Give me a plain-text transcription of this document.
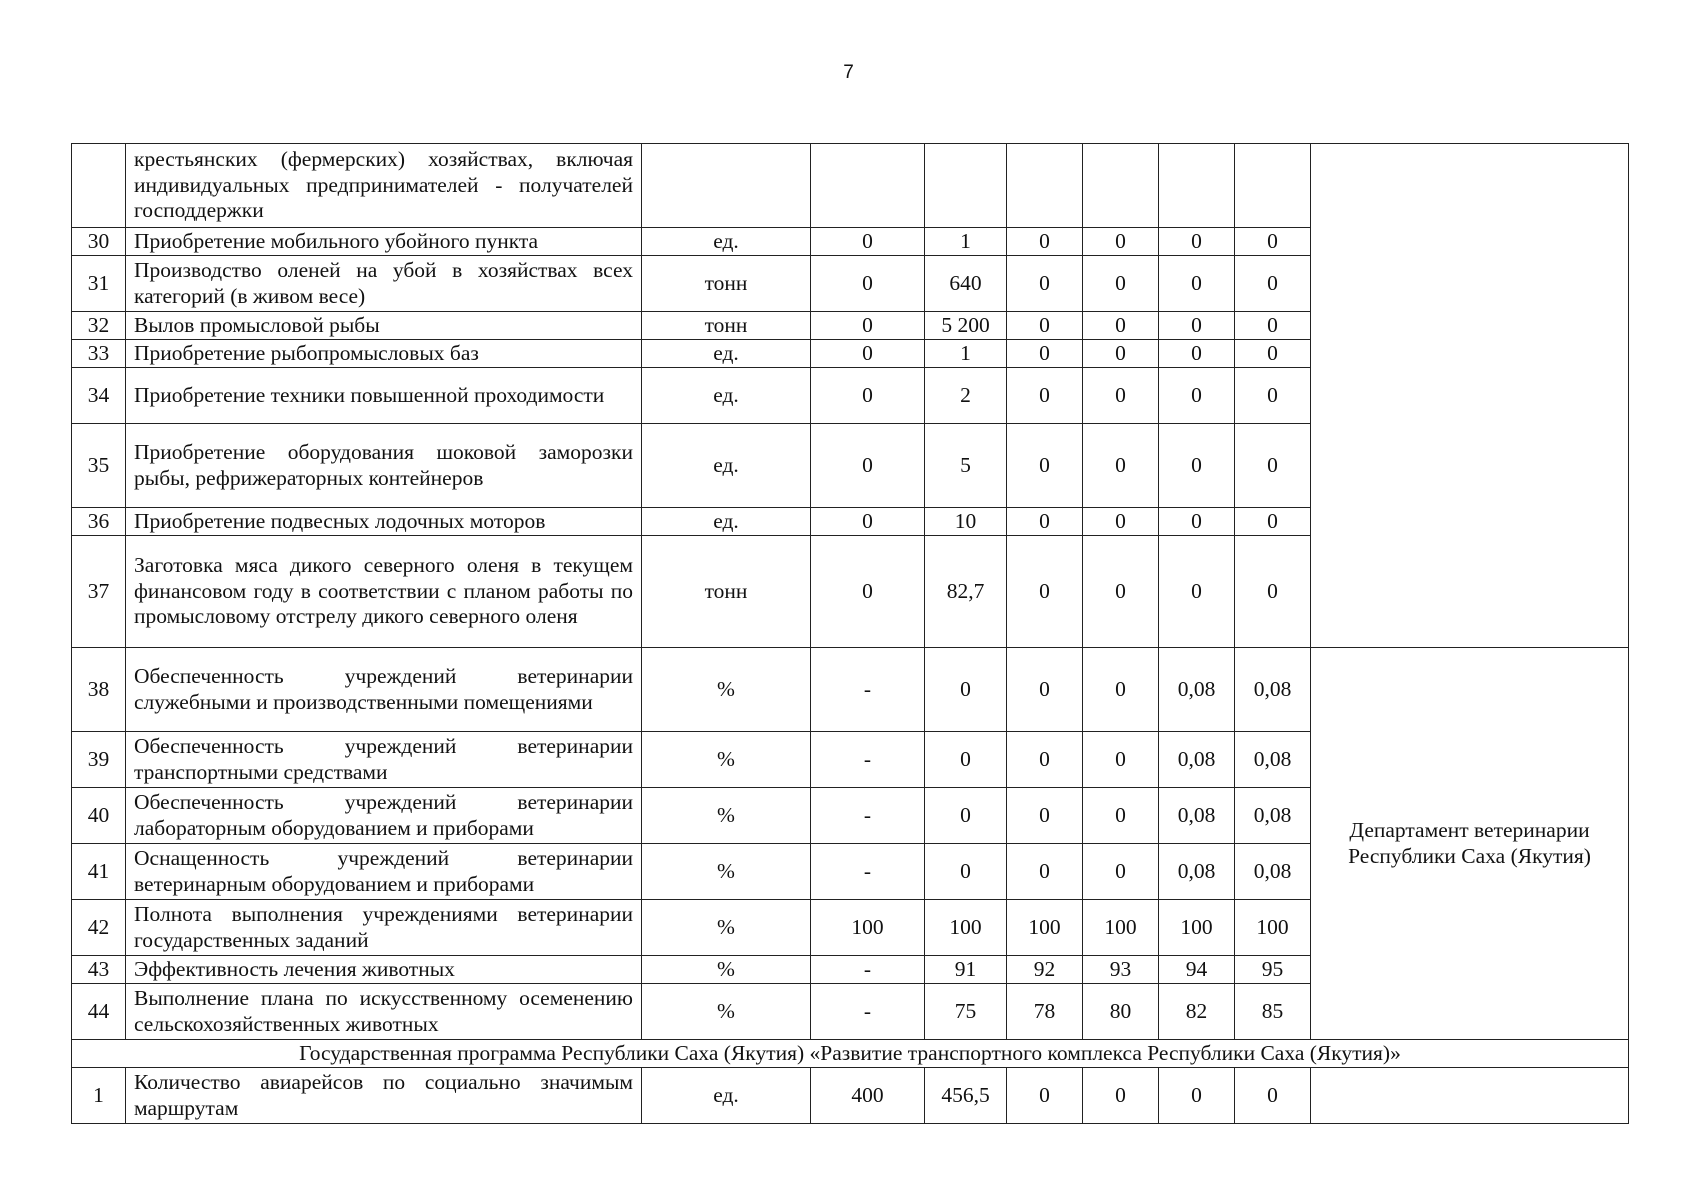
7
	крестьянских (фермерских) хозяйствах, включая индивидуальных предпринимателей - получателей господдержки								
30	Приобретение мобильного убойного пункта	ед.	0	1	0	0	0	0	
31	Производство оленей на убой в хозяйствах всех категорий (в живом весе)	тонн	0	640	0	0	0	0	
32	Вылов промысловой рыбы	тонн	0	5 200	0	0	0	0	
33	Приобретение рыбопромысловых баз	ед.	0	1	0	0	0	0	
34	Приобретение техники повышенной проходимости	ед.	0	2	0	0	0	0	
35	Приобретение оборудования шоковой заморозки рыбы, рефрижераторных контейнеров	ед.	0	5	0	0	0	0	
36	Приобретение подвесных лодочных моторов	ед.	0	10	0	0	0	0	
37	Заготовка мяса дикого северного оленя в текущем финансовом году в соответствии с планом работы по промысловому отстрелу дикого северного оленя	тонн	0	82,7	0	0	0	0	
38	Обеспеченность учреждений ветеринарии служебными и производственными помещениями	%	-	0	0	0	0,08	0,08	Департамент ветеринарии Республики Саха (Якутия)
39	Обеспеченность учреждений ветеринарии транспортными средствами	%	-	0	0	0	0,08	0,08	
40	Обеспеченность учреждений ветеринарии лабораторным оборудованием и приборами	%	-	0	0	0	0,08	0,08	
41	Оснащенность учреждений ветеринарии ветеринарным оборудованием и приборами	%	-	0	0	0	0,08	0,08	
42	Полнота выполнения учреждениями ветеринарии государственных заданий	%	100	100	100	100	100	100	
43	Эффективность лечения животных	%	-	91	92	93	94	95	
44	Выполнение плана по искусственному осеменению сельскохозяйственных животных	%	-	75	78	80	82	85	
Государственная программа Республики Саха (Якутия) «Развитие транспортного комплекса Республики Саха (Якутия)»									
1	Количество авиарейсов по социально значимым маршрутам	ед.	400	456,5	0	0	0	0	
